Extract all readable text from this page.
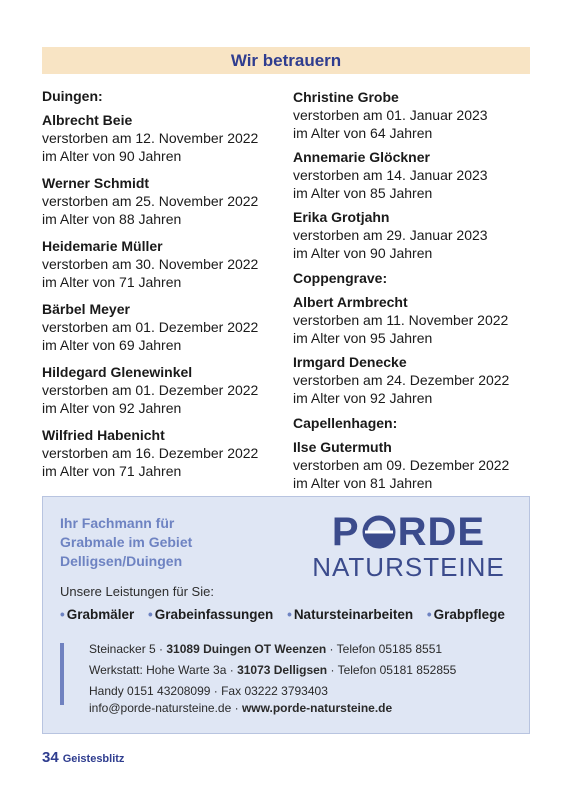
Wir betrauern
Duingen:
Albrecht Beie
verstorben am 12. November 2022
im Alter von 90 Jahren
Werner Schmidt
verstorben am 25. November 2022
im Alter von 88 Jahren
Heidemarie Müller
verstorben am 30. November 2022
im Alter von 71 Jahren
Bärbel Meyer
verstorben am 01. Dezember 2022
im Alter von 69 Jahren
Hildegard Glenewinkel
verstorben am 01. Dezember 2022
im Alter von 92 Jahren
Wilfried Habenicht
verstorben am 16. Dezember 2022
im Alter von 71 Jahren
Christine Grobe
verstorben am 01. Januar 2023
im Alter von 64 Jahren
Annemarie Glöckner
verstorben am 14. Januar 2023
im Alter von 85 Jahren
Erika Grotjahn
verstorben am 29. Januar 2023
im Alter von 90 Jahren
Coppengrave:
Albert Armbrecht
verstorben am 11. November 2022
im Alter von 95 Jahren
Irmgard Denecke
verstorben am 24. Dezember 2022
im Alter von 92 Jahren
Capellenhagen:
Ilse Gutermuth
verstorben am 09. Dezember 2022
im Alter von 81 Jahren
Ihr Fachmann für
Grabmale im Gebiet
Delligsen/Duingen
P RDE
NATURSTEINE
Unsere Leistungen für Sie:
• Grabmäler • Grabeinfassungen • Natursteinarbeiten • Grabpflege
Steinacker 5 · 31089 Duingen OT Weenzen · Telefon 05185 8551
Werkstatt: Hohe Warte 3a · 31073 Delligsen · Telefon 05181 852855
Handy 0151 43208099 · Fax 03222 3793403
info@porde-natursteine.de · www.porde-natursteine.de
34 Geistesblitz
